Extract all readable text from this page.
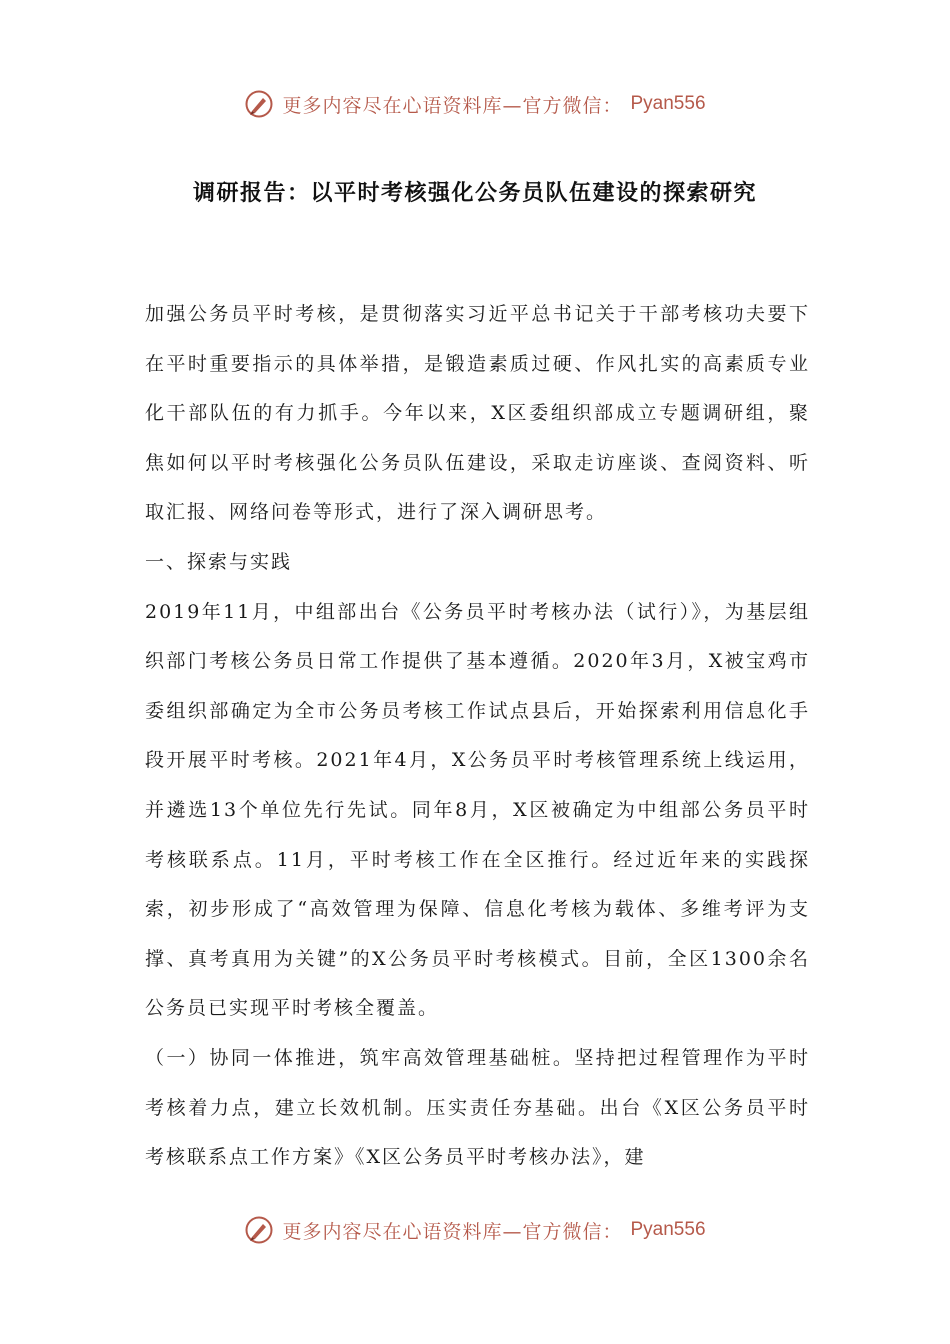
更多内容尽在心语资料库—官方微信： Pyan556
调研报告：以平时考核强化公务员队伍建设的探索研究

加强公务员平时考核，是贯彻落实习近平总书记关于干部考核功夫要下在平时重要指示的具体举措，是锻造素质过硬、作风扎实的高素质专业化干部队伍的有力抓手。今年以来，X区委组织部成立专题调研组，聚焦如何以平时考核强化公务员队伍建设，采取走访座谈、查阅资料、听取汇报、网络问卷等形式，进行了深入调研思考。

一、探索与实践

2019年11月，中组部出台《公务员平时考核办法（试行）》，为基层组织部门考核公务员日常工作提供了基本遵循。2020年3月，X被宝鸡市委组织部确定为全市公务员考核工作试点县后，开始探索利用信息化手段开展平时考核。2021年4月，X公务员平时考核管理系统上线运用，并遴选13个单位先行先试。同年8月，X区被确定为中组部公务员平时考核联系点。11月，平时考核工作在全区推行。经过近年来的实践探索，初步形成了“高效管理为保障、信息化考核为载体、多维考评为支撑、真考真用为关键”的X公务员平时考核模式。目前，全区1300余名公务员已实现平时考核全覆盖。

（一）协同一体推进，筑牢高效管理基础桩。坚持把过程管理作为平时考核着力点，建立长效机制。压实责任夯基础。出台《X区公务员平时考核联系点工作方案》《X区公务员平时考核办法》，建

更多内容尽在心语资料库—官方微信： Pyan556
